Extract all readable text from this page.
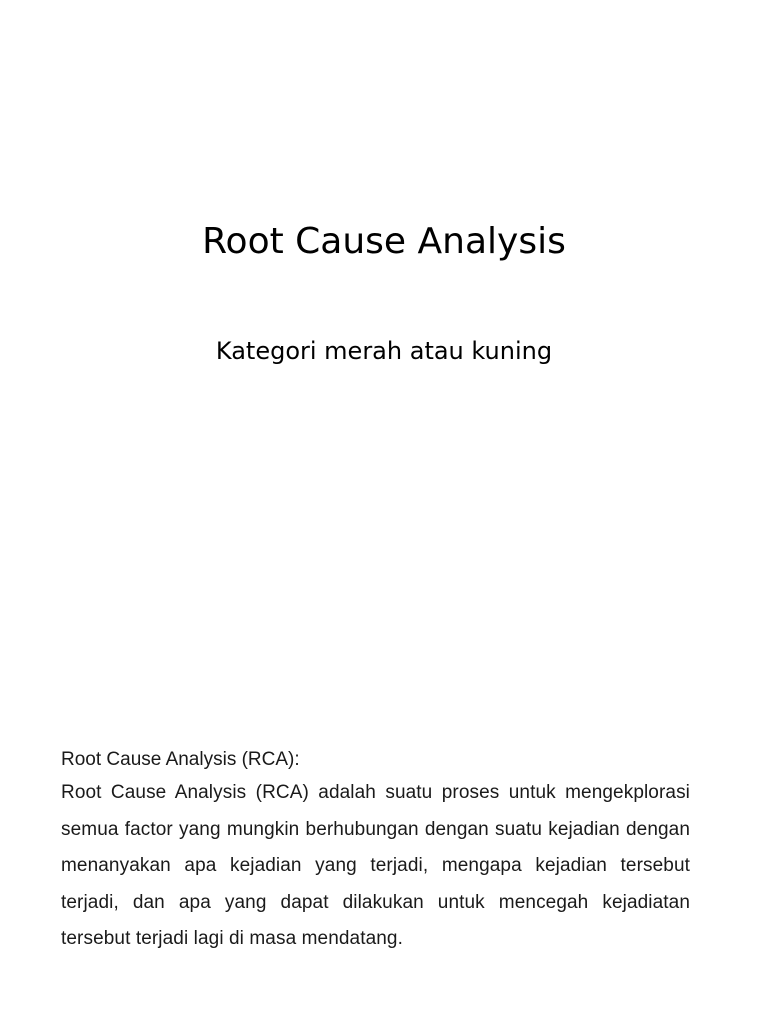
Root Cause Analysis
Kategori merah atau kuning

Root Cause Analysis (RCA):

Root Cause Analysis (RCA) adalah suatu proses untuk mengekplorasi semua factor yang mungkin berhubungan dengan suatu kejadian dengan menanyakan apa kejadian yang terjadi, mengapa kejadian tersebut terjadi, dan apa yang dapat dilakukan untuk mencegah kejadiatan tersebut terjadi lagi di masa mendatang.
